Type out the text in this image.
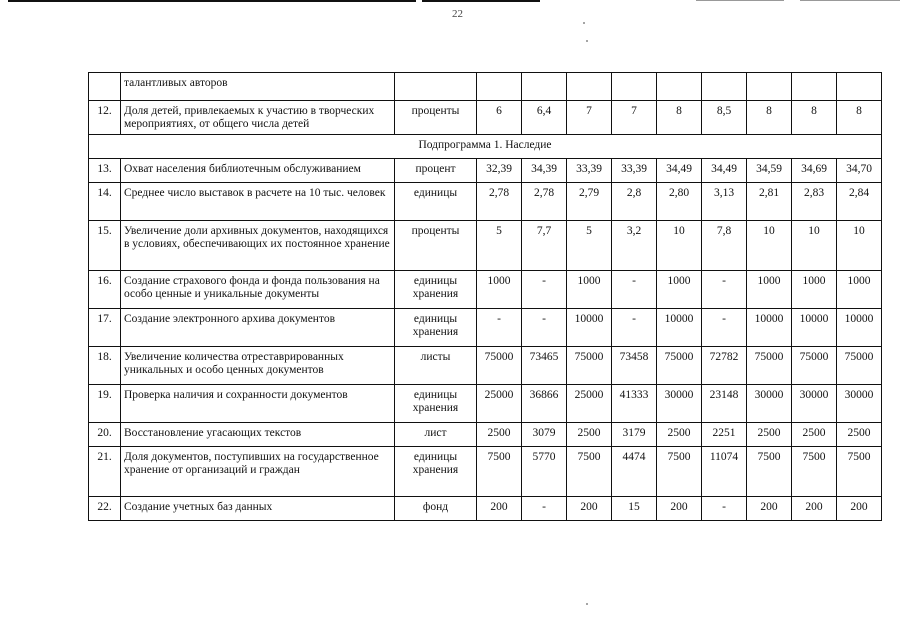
22
	талантливых авторов										
12.	Доля детей, привлекаемых к участию в творческих мероприятиях, от общего числа детей	проценты	6	6,4	7	7	8	8,5	8	8	8
Подпрограмма 1. Наследие											
13.	Охват населения библиотечным обслуживанием	процент	32,39	34,39	33,39	33,39	34,49	34,49	34,59	34,69	34,70
14.	Среднее число выставок в расчете на 10 тыс. человек	единицы	2,78	2,78	2,79	2,8	2,80	3,13	2,81	2,83	2,84
15.	Увеличение доли архивных документов, находящихся в условиях, обеспечивающих их постоянное хранение	проценты	5	7,7	5	3,2	10	7,8	10	10	10
16.	Создание страхового фонда и фонда пользования на особо ценные и уникальные документы	единицы хранения	1000	-	1000	-	1000	-	1000	1000	1000
17.	Создание электронного архива документов	единицы хранения	-	-	10000	-	10000	-	10000	10000	10000
18.	Увеличение количества отреставрированных уникальных и особо ценных документов	листы	75000	73465	75000	73458	75000	72782	75000	75000	75000
19.	Проверка наличия и сохранности документов	единицы хранения	25000	36866	25000	41333	30000	23148	30000	30000	30000
20.	Восстановление угасающих текстов	лист	2500	3079	2500	3179	2500	2251	2500	2500	2500
21.	Доля документов, поступивших на государственное хранение от организаций и граждан	единицы хранения	7500	5770	7500	4474	7500	11074	7500	7500	7500
22.	Создание учетных баз данных	фонд	200	-	200	15	200	-	200	200	200
